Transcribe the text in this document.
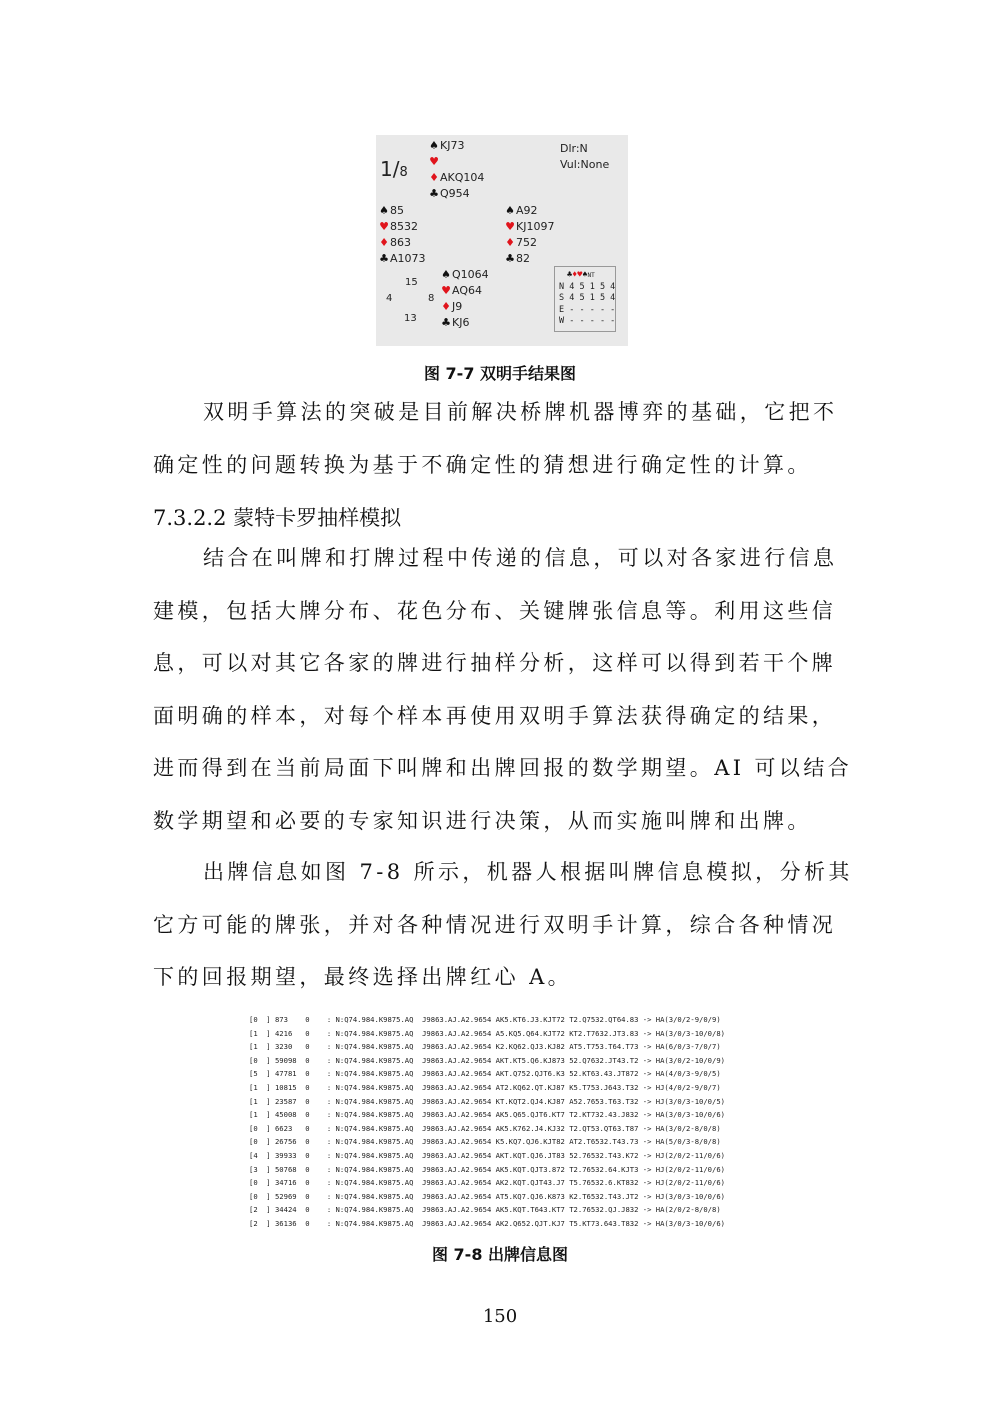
1/8
Dlr:N
Vul:None
♠KJ73
♥
♦AKQ104
♣Q954
♠85
♥8532
♦863
♣A1073
♠A92
♥KJ1097
♦752
♣82
♠Q1064
♥AQ64
♦J9
♣KJ6
15
4	8
13
♣♦♥♠NT
N 4 5 1 5 4
S 4 5 1 5 4
E - - - - -
W - - - - -
图 7-7 双明手结果图

双明手算法的突破是目前解决桥牌机器博弈的基础，它把不确定性的问题转换为基于不确定性的猜想进行确定性的计算。

7.3.2.2 蒙特卡罗抽样模拟

结合在叫牌和打牌过程中传递的信息，可以对各家进行信息建模，包括大牌分布、花色分布、关键牌张信息等。利用这些信息，可以对其它各家的牌进行抽样分析，这样可以得到若干个牌面明确的样本，对每个样本再使用双明手算法获得确定的结果，进而得到在当前局面下叫牌和出牌回报的数学期望。AI 可以结合数学期望和必要的专家知识进行决策，从而实施叫牌和出牌。

出牌信息如图 7-8 所示，机器人根据叫牌信息模拟，分析其它方可能的牌张，并对各种情况进行双明手计算，综合各种情况下的回报期望，最终选择出牌红心 A。

[0  ] 873    0    : N:Q74.984.K9875.AQ  J9863.AJ.A2.9654 AK5.KT6.J3.KJT72 T2.Q7532.QT64.83 -> HA(3/0/2-9/0/9)
[1  ] 4216   0    : N:Q74.984.K9875.AQ  J9863.AJ.A2.9654 A5.KQ5.Q64.KJT72 KT2.T7632.JT3.83 -> HA(3/0/3-10/0/8)
[1  ] 3230   0    : N:Q74.984.K9875.AQ  J9863.AJ.A2.9654 K2.KQ62.QJ3.KJ82 AT5.T753.T64.T73 -> HA(6/0/3-7/0/7)
[0  ] 59098  0    : N:Q74.984.K9875.AQ  J9863.AJ.A2.9654 AKT.KT5.Q6.KJ873 52.Q7632.JT43.T2 -> HA(3/0/2-10/0/9)
[5  ] 47781  0    : N:Q74.984.K9875.AQ  J9863.AJ.A2.9654 AKT.Q752.QJT6.K3 52.KT63.43.JT872 -> HA(4/0/3-9/0/5)
[1  ] 10815  0    : N:Q74.984.K9875.AQ  J9863.AJ.A2.9654 AT2.KQ62.QT.KJ87 K5.T753.J643.T32 -> HJ(4/0/2-9/0/7)
[1  ] 23587  0    : N:Q74.984.K9875.AQ  J9863.AJ.A2.9654 KT.KQT2.QJ4.KJ87 A52.7653.T63.T32 -> HJ(3/0/3-10/0/5)
[1  ] 45008  0    : N:Q74.984.K9875.AQ  J9863.AJ.A2.9654 AK5.Q65.QJT6.KT7 T2.KT732.43.J832 -> HA(3/0/3-10/0/6)
[0  ] 6623   0    : N:Q74.984.K9875.AQ  J9863.AJ.A2.9654 AK5.K762.J4.KJ32 T2.QT53.QT63.T87 -> HA(3/0/2-8/0/8)
[0  ] 26756  0    : N:Q74.984.K9875.AQ  J9863.AJ.A2.9654 K5.KQ7.QJ6.KJT82 AT2.T6532.T43.73 -> HA(5/0/3-8/0/8)
[4  ] 39933  0    : N:Q74.984.K9875.AQ  J9863.AJ.A2.9654 AKT.KQT.QJ6.JT83 52.76532.T43.K72 -> HJ(2/0/2-11/0/6)
[3  ] 50768  0    : N:Q74.984.K9875.AQ  J9863.AJ.A2.9654 AK5.KQT.QJT3.872 T2.76532.64.KJT3 -> HJ(2/0/2-11/0/6)
[0  ] 34716  0    : N:Q74.984.K9875.AQ  J9863.AJ.A2.9654 AK2.KQT.QJT43.J7 T5.76532.6.KT832 -> HJ(2/0/2-11/0/6)
[0  ] 52969  0    : N:Q74.984.K9875.AQ  J9863.AJ.A2.9654 AT5.KQ7.QJ6.K873 K2.T6532.T43.JT2 -> HJ(3/0/3-10/0/6)
[2  ] 34424  0    : N:Q74.984.K9875.AQ  J9863.AJ.A2.9654 AK5.KQT.T643.KT7 T2.76532.QJ.J832 -> HA(2/0/2-8/0/8)
[2  ] 36136  0    : N:Q74.984.K9875.AQ  J9863.AJ.A2.9654 AK2.Q652.QJT.KJ7 T5.KT73.643.T832 -> HA(3/0/3-10/0/6)
图 7-8 出牌信息图
150
